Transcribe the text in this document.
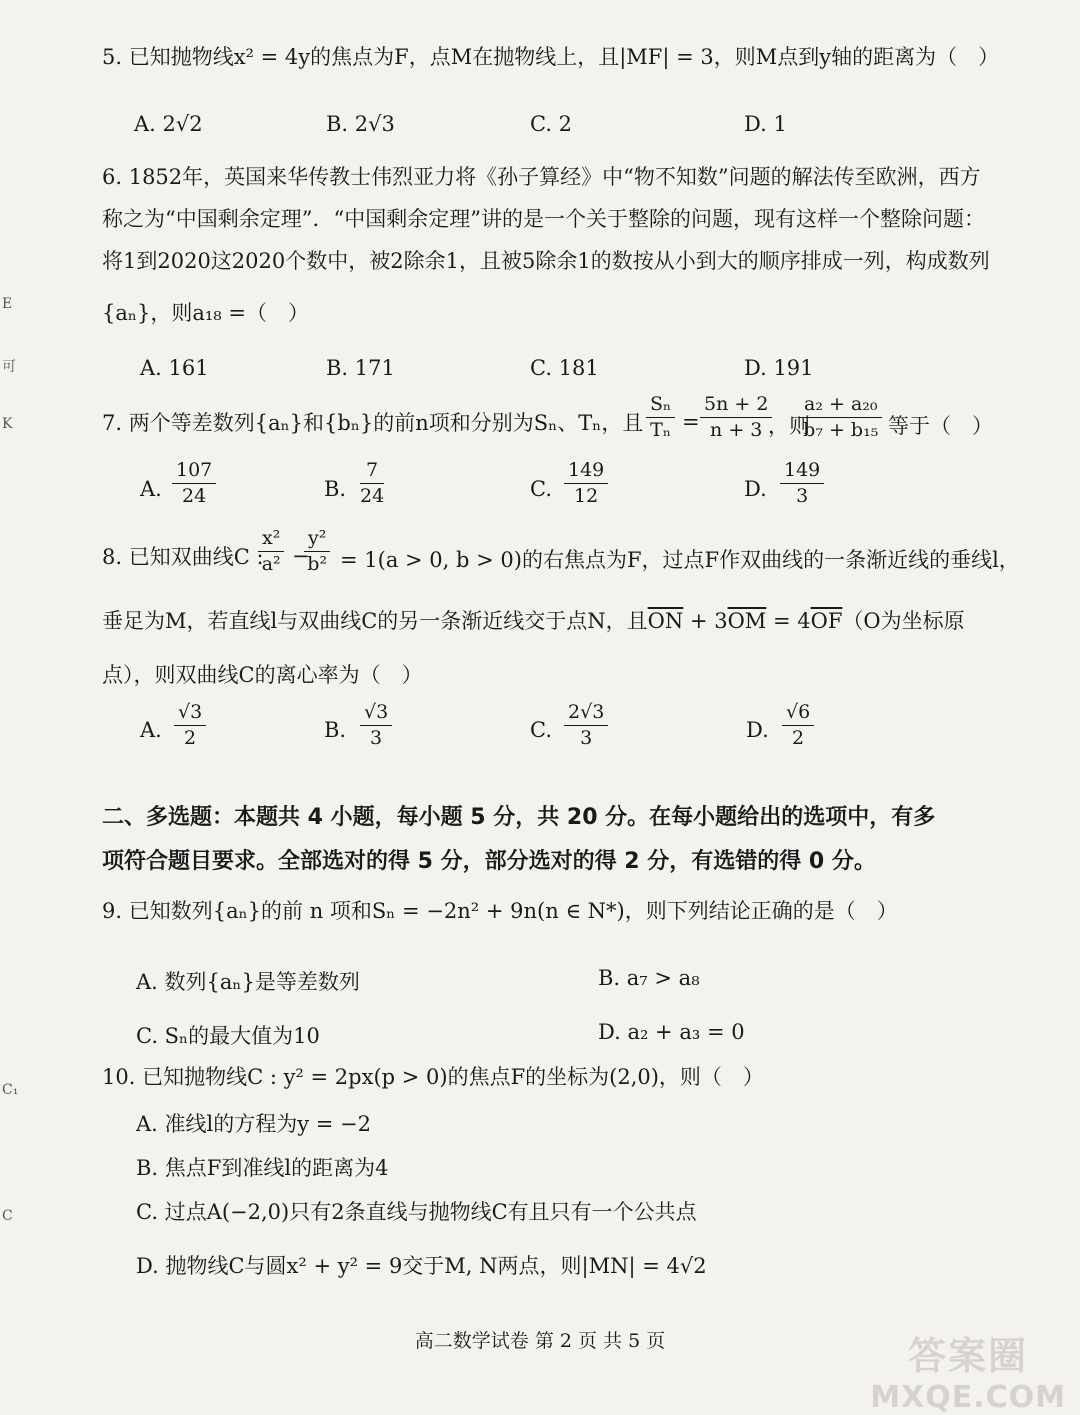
E
可
K
C₁
C
5. 已知抛物线x² = 4y的焦点为F，点M在抛物线上，且|MF| = 3，则M点到y轴的距离为（　）
A. 2√2	B. 2√3	C. 2	D. 1
6. 1852年，英国来华传教士伟烈亚力将《孙子算经》中“物不知数”问题的解法传至欧洲，西方
称之为“中国剩余定理”．“中国剩余定理”讲的是一个关于整除的问题，现有这样一个整除问题：
将1到2020这2020个数中，被2除余1，且被5除余1的数按从小到大的顺序排成一列，构成数列
{aₙ}，则a₁₈ =（　）
A. 161	B. 171	C. 181	D. 191
7. 两个等差数列{aₙ}和{bₙ}的前n项和分别为Sₙ、Tₙ，且 $\frac{\text{Sₙ}}{\text{Tₙ}} = \frac{5n + 2}{n + 3}$
，则
$\frac{\text{a₂ + a₂₀}}{\text{b₇ + b₁₅}}$ 等于（　）
A. $\frac{107}{24}$	B. $\frac{7}{24}$	C. $\frac{149}{12}$	D. $\frac{149}{3}$
8. 已知双曲线C :
$\frac{\text{x²}}{\text{a²}}$ −
$\frac{\text{y²}}{\text{b²}} = 1(a > 0$, b > 0)的右焦点为F，过点F作双曲线的一条渐近线的垂线l，
垂足为M，若直线l与双曲线C的另一条渐近线交于点N，且$\overline{ON} + 3\overline{OM} = 4\overline{OF}(O$为坐标原
点），则双曲线C的离心率为（　）
A. $\frac{√3}{2}$	B. $\frac{√3}{3}$	C. $\frac{2√3}{3}$	D. $\frac{√6}{2}$
二、多选题：本题共 4 小题，每小题 5 分，共 20 分。在每小题给出的选项中，有多
项符合题目要求。全部选对的得 5 分，部分选对的得 2 分，有选错的得 0 分。
9. 已知数列{aₙ}的前 n 项和Sₙ = −2n² + 9n(n ∈ N*)，则下列结论正确的是（　）
A. 数列{aₙ}是等差数列	B. a₇ > a₈
C. Sₙ的最大值为10	D. a₂ + a₃ = 0
10. 已知抛物线C : y² = 2px(p > 0)的焦点F的坐标为(2,0)，则（　）
A. 准线l的方程为y = −2
B. 焦点F到准线l的距离为4
C. 过点A(−2,0)只有2条直线与抛物线C有且只有一个公共点
D. 抛物线C与圆x² + y² = 9交于M, N两点，则|MN| = 4√2
高二数学试卷 第 2 页 共 5 页	答案圈
MXQE.COM
